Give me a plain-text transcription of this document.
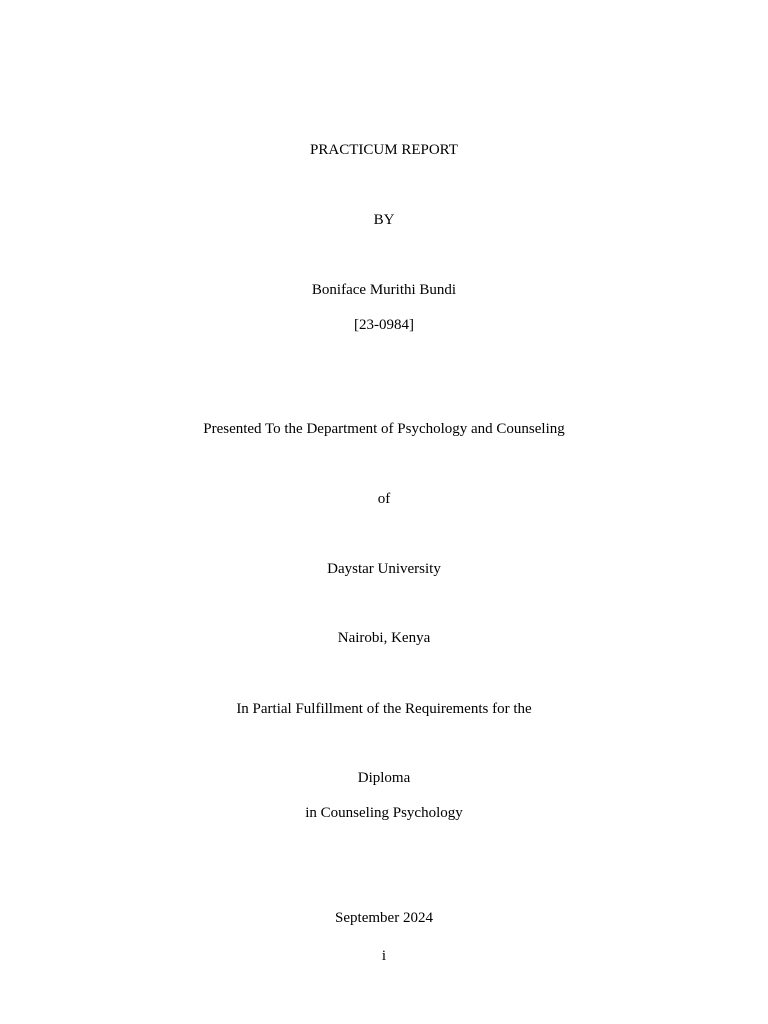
PRACTICUM REPORT
BY
Boniface Murithi Bundi
[23-0984]
Presented To the Department of Psychology and Counseling
of
Daystar University
Nairobi, Kenya
In Partial Fulfillment of the Requirements for the
Diploma
in Counseling Psychology
September 2024
i
